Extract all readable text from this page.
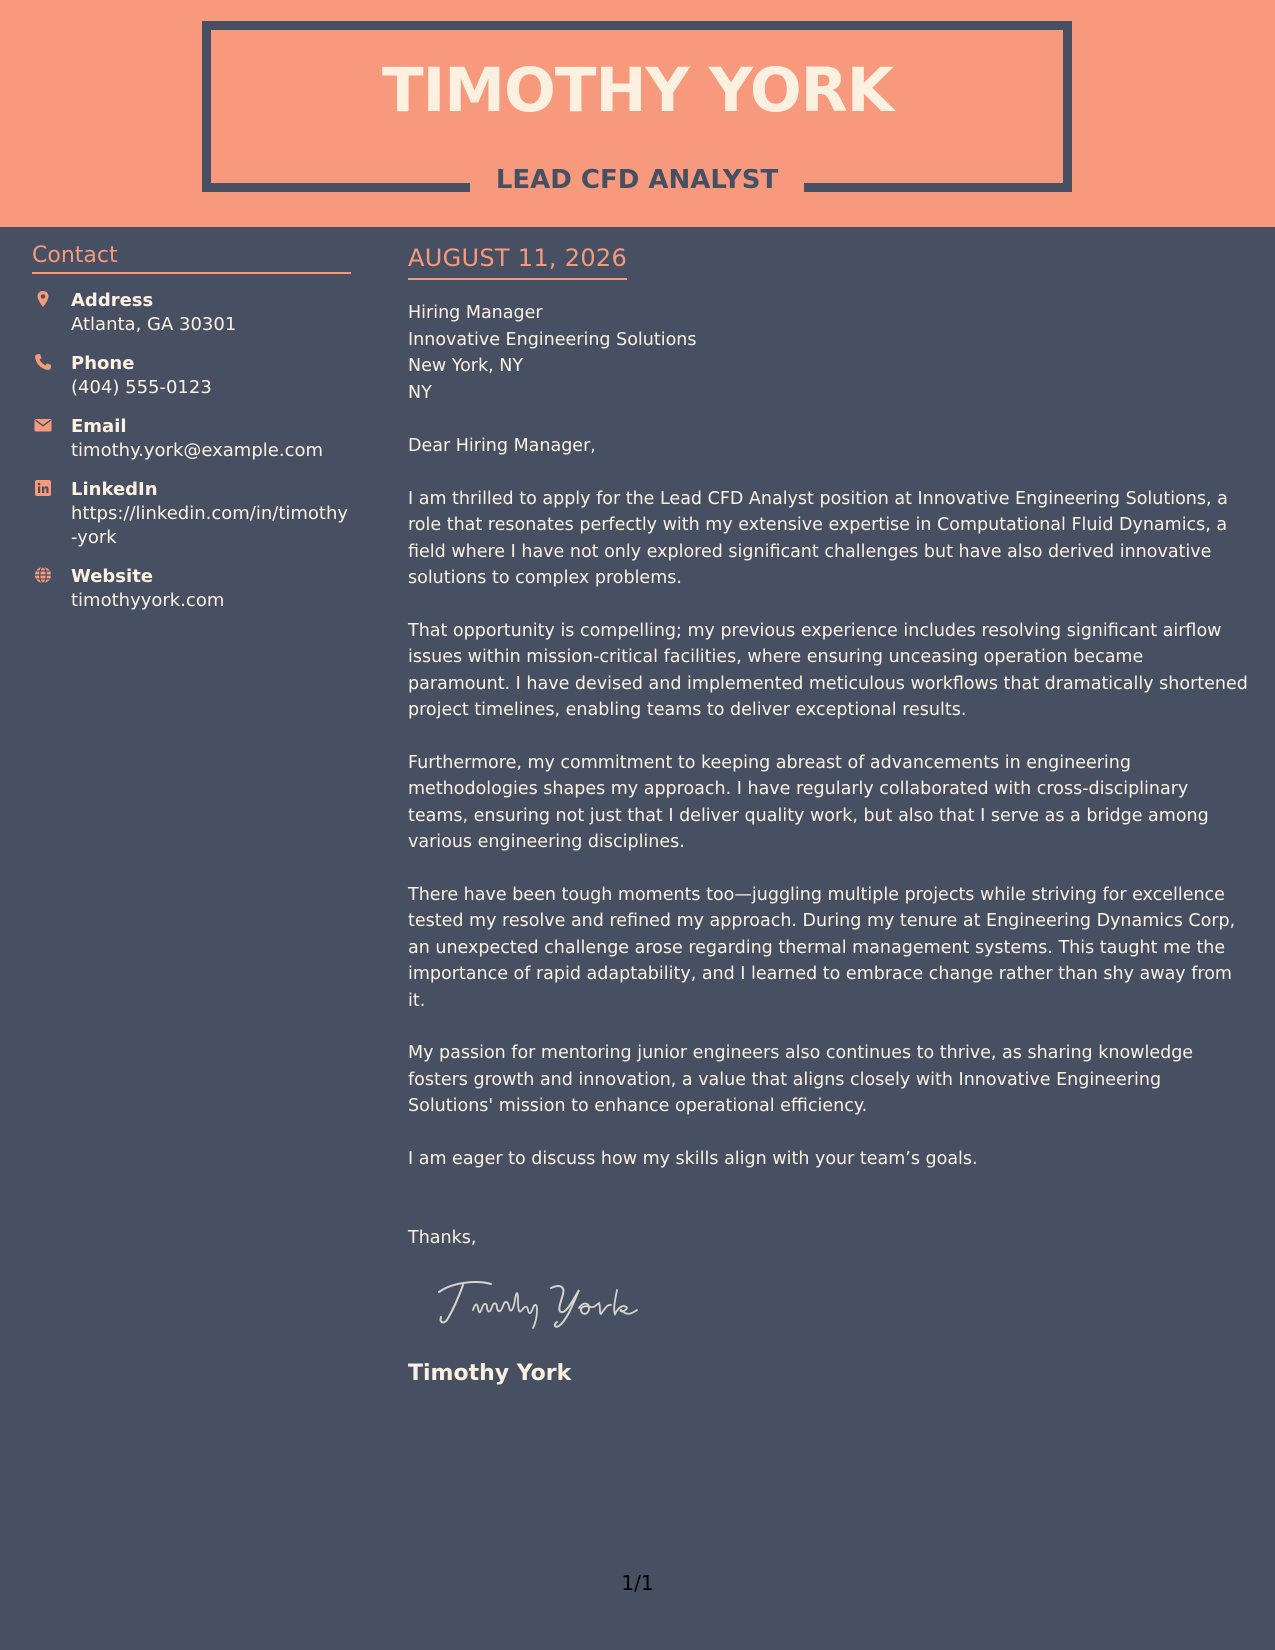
TIMOTHY YORK
LEAD CFD ANALYST
Contact
Address
Atlanta, GA 30301
Phone
(404) 555-0123
Email
timothy.york@example.com
LinkedIn
https://linkedin.com/in/timothy-york
Website
timothyyork.com
AUGUST 11, 2026
Hiring Manager
Innovative Engineering Solutions
New York, NY
NY
Dear Hiring Manager,
I am thrilled to apply for the Lead CFD Analyst position at Innovative Engineering Solutions, a role that resonates perfectly with my extensive expertise in Computational Fluid Dynamics, a field where I have not only explored significant challenges but have also derived innovative solutions to complex problems.
That opportunity is compelling; my previous experience includes resolving significant airflow issues within mission-critical facilities, where ensuring unceasing operation became paramount. I have devised and implemented meticulous workflows that dramatically shortened project timelines, enabling teams to deliver exceptional results.
Furthermore, my commitment to keeping abreast of advancements in engineering methodologies shapes my approach. I have regularly collaborated with cross-disciplinary teams, ensuring not just that I deliver quality work, but also that I serve as a bridge among various engineering disciplines.
There have been tough moments too—juggling multiple projects while striving for excellence tested my resolve and refined my approach. During my tenure at Engineering Dynamics Corp, an unexpected challenge arose regarding thermal management systems. This taught me the importance of rapid adaptability, and I learned to embrace change rather than shy away from it.
My passion for mentoring junior engineers also continues to thrive, as sharing knowledge fosters growth and innovation, a value that aligns closely with Innovative Engineering Solutions' mission to enhance operational efficiency.
I am eager to discuss how my skills align with your team’s goals.
Thanks,
Timothy York
1/1
